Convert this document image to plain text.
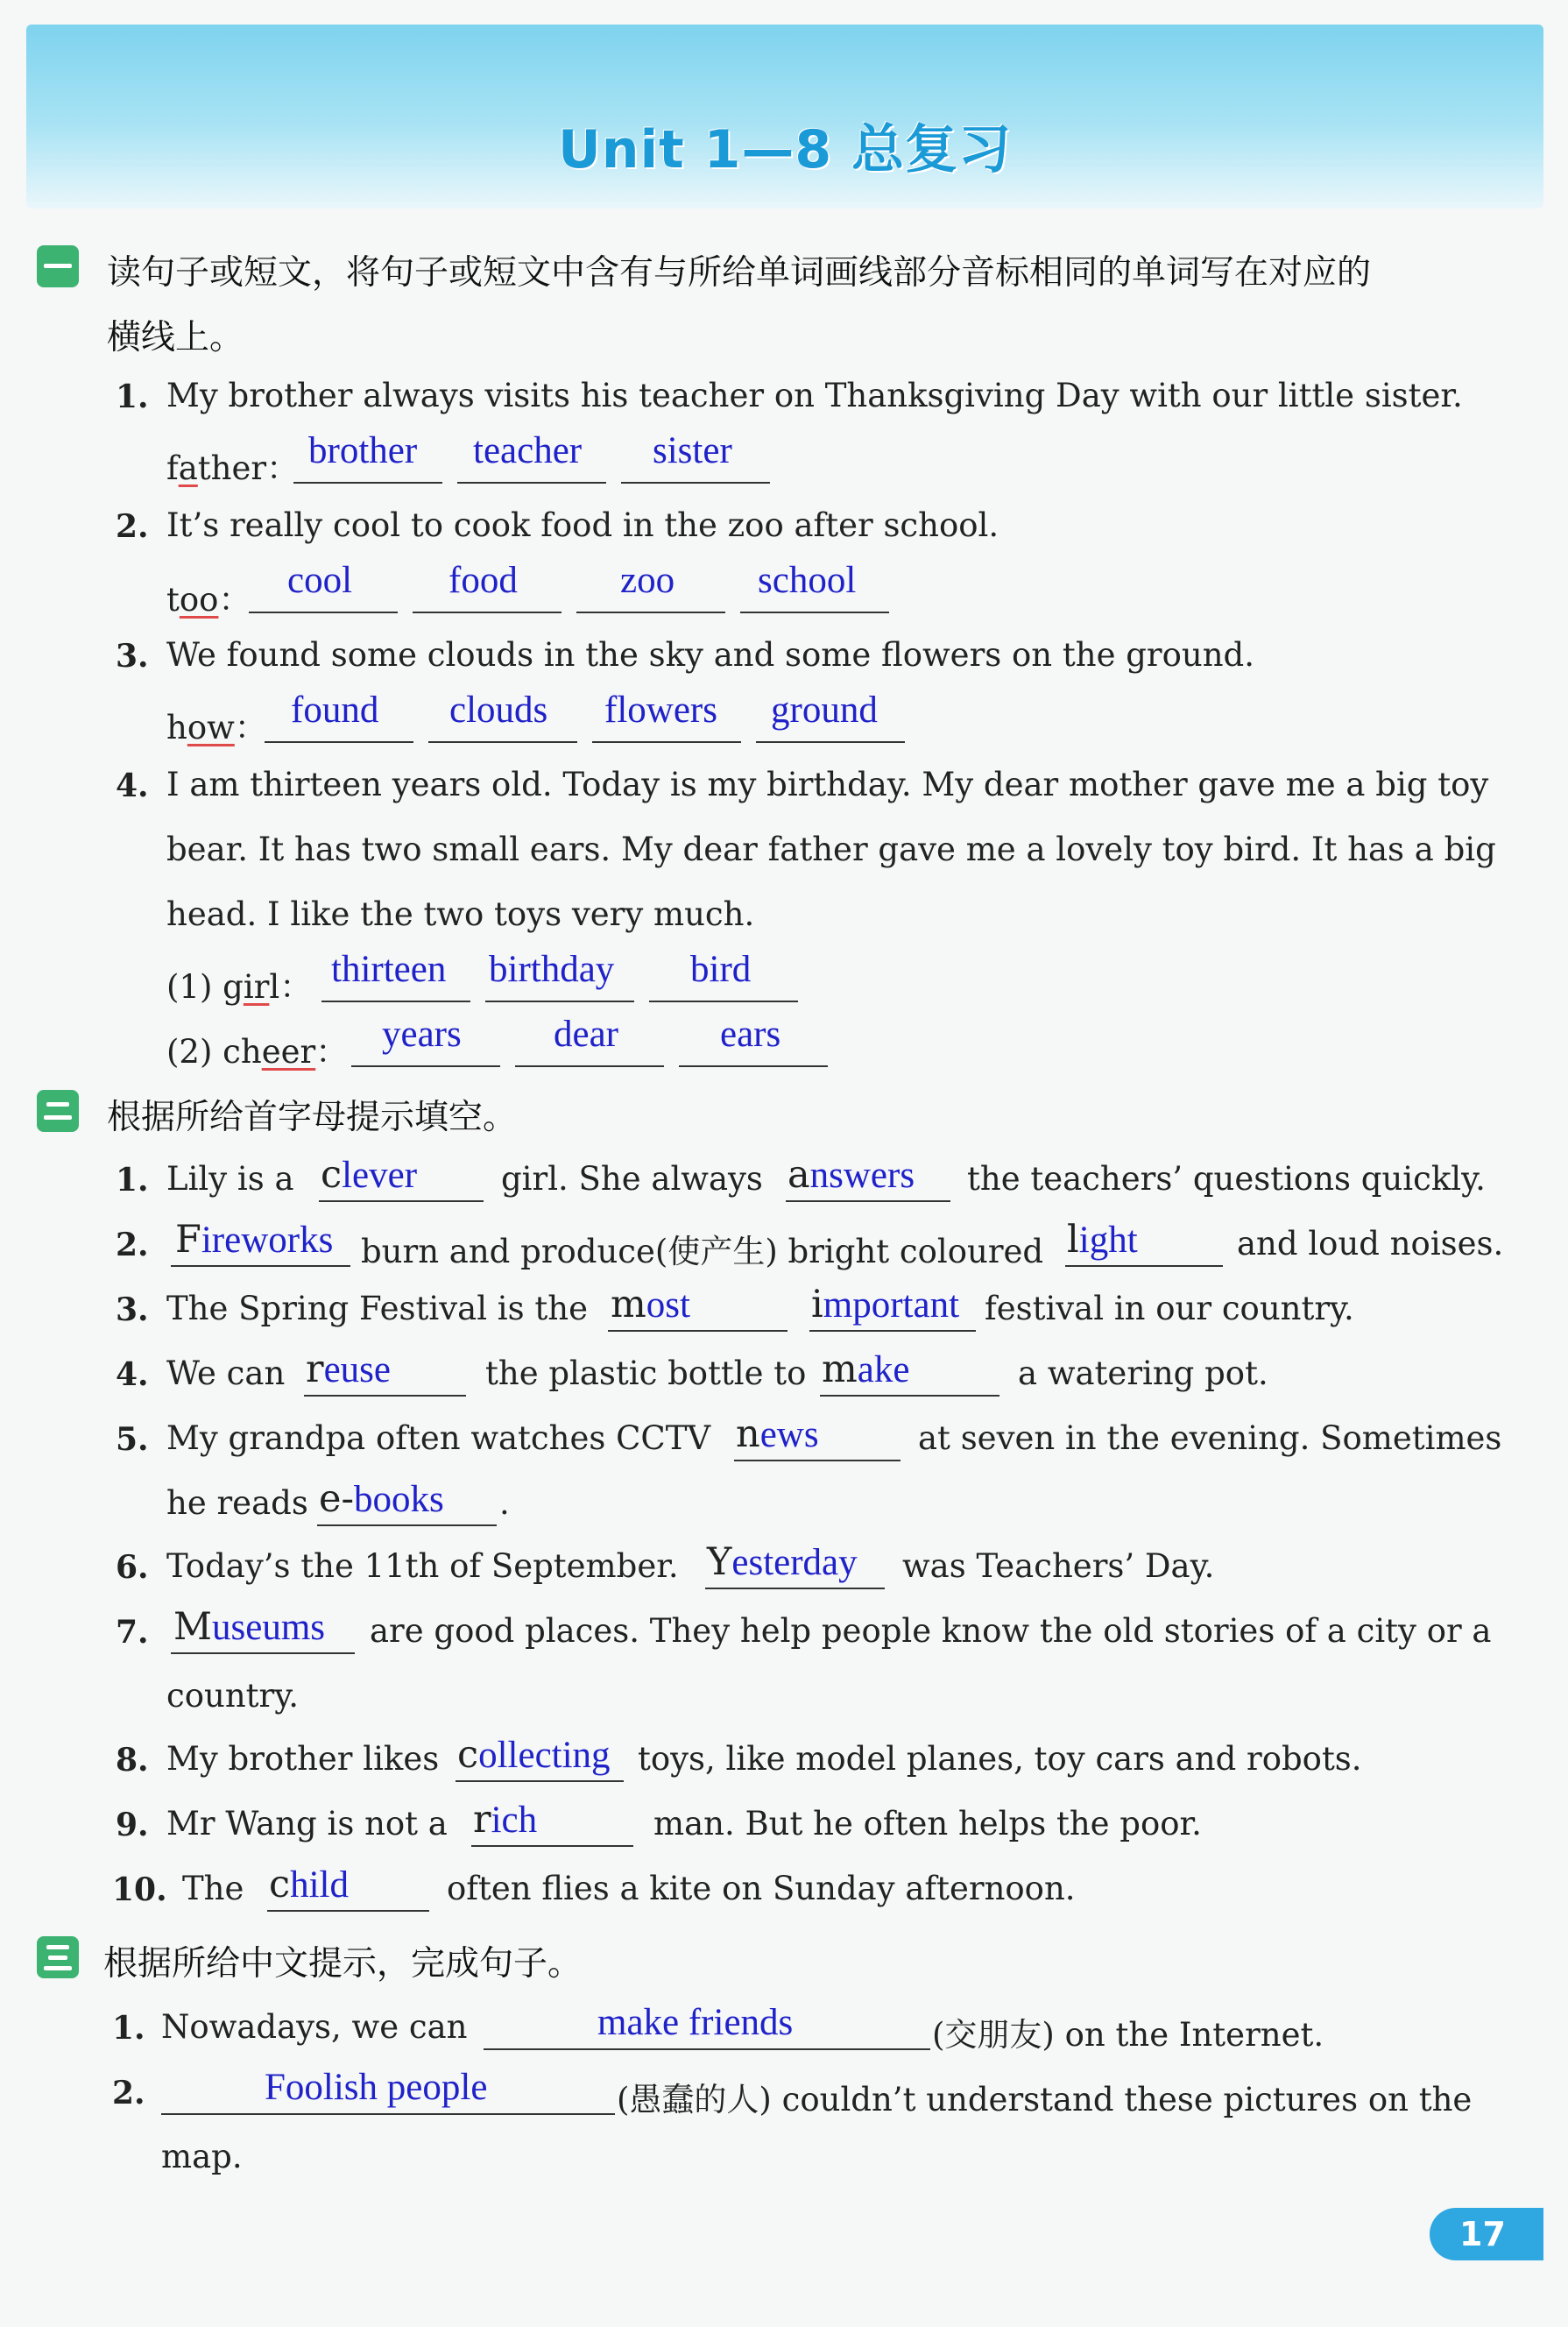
Unit 1—8 总复习
读句子或短文，将句子或短文中含有与所给单词画线部分音标相同的单词写在对应的
横线上。
1. My brother always visits his teacher on Thanksgiving Day with our little sister.
father： brother teacher sister
2. It’s really cool to cook food in the zoo after school.
too： cool	food	zoo school
3. We found some clouds in the sky and some flowers on the ground.
how： found clouds flowers ground
4. I am thirteen years old. Today is my birthday. My dear mother gave me a big toy
bear. It has two small ears. My dear father gave me a lovely toy bird. It has a big
head. I like the two toys very much.
(1) girl： thirteen birthday bird
(2) cheer： years dear	ears
根据所给首字母提示填空。
1. Lily is a clever	girl. She always answers the teachers’ questions quickly.
2. Fireworks burn and produce(使产生) bright coloured light	and loud noises.
3. The Spring Festival is the most	important festival in our country.
4. We can reuse	the plastic bottle to make	a watering pot.
5. My grandpa often watches CCTV news	at seven in the evening. Sometimes
he reads e-books .
6. Today’s the 11th of September. Yesterday was Teachers’ Day.
7. Museums are good places. They help people know the old stories of a city or a
country.
8. My brother likes collecting toys, like model planes, toy cars and robots.
9. Mr Wang is not a rich	man. But he often helps the poor.
10. The child	often flies a kite on Sunday afternoon.
根据所给中文提示，完成句子。
1. Nowadays, we can	make friends	(交朋友) on the Internet.
2.	Foolish people	(愚蠢的人) couldn’t understand these pictures on the
map.
17
